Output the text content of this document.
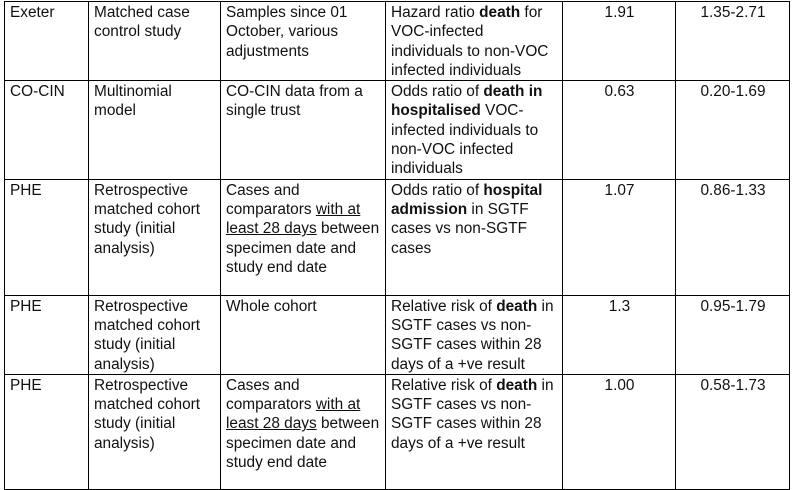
Exeter	Matched case control study	Samples since 01 October, various adjustments	Hazard ratio death for VOC-infected individuals to non-VOC infected individuals	1.91	1.35-2.71
CO-CIN	Multinomial model	CO-CIN data from a single trust	Odds ratio of death in hospitalised VOC-infected individuals to non-VOC infected individuals	0.63	0.20-1.69
PHE	Retrospective matched cohort study (initial analysis)	Cases and comparators with at least 28 days between specimen date and study end date	Odds ratio of hospital admission in SGTF cases vs non-SGTF cases	1.07	0.86-1.33
PHE	Retrospective matched cohort study (initial analysis)	Whole cohort	Relative risk of death in SGTF cases vs non-SGTF cases within 28 days of a +ve result	1.3	0.95-1.79
PHE	Retrospective matched cohort study (initial analysis)	Cases and comparators with at least 28 days between specimen date and study end date	Relative risk of death in SGTF cases vs non-SGTF cases within 28 days of a +ve result	1.00	0.58-1.73
